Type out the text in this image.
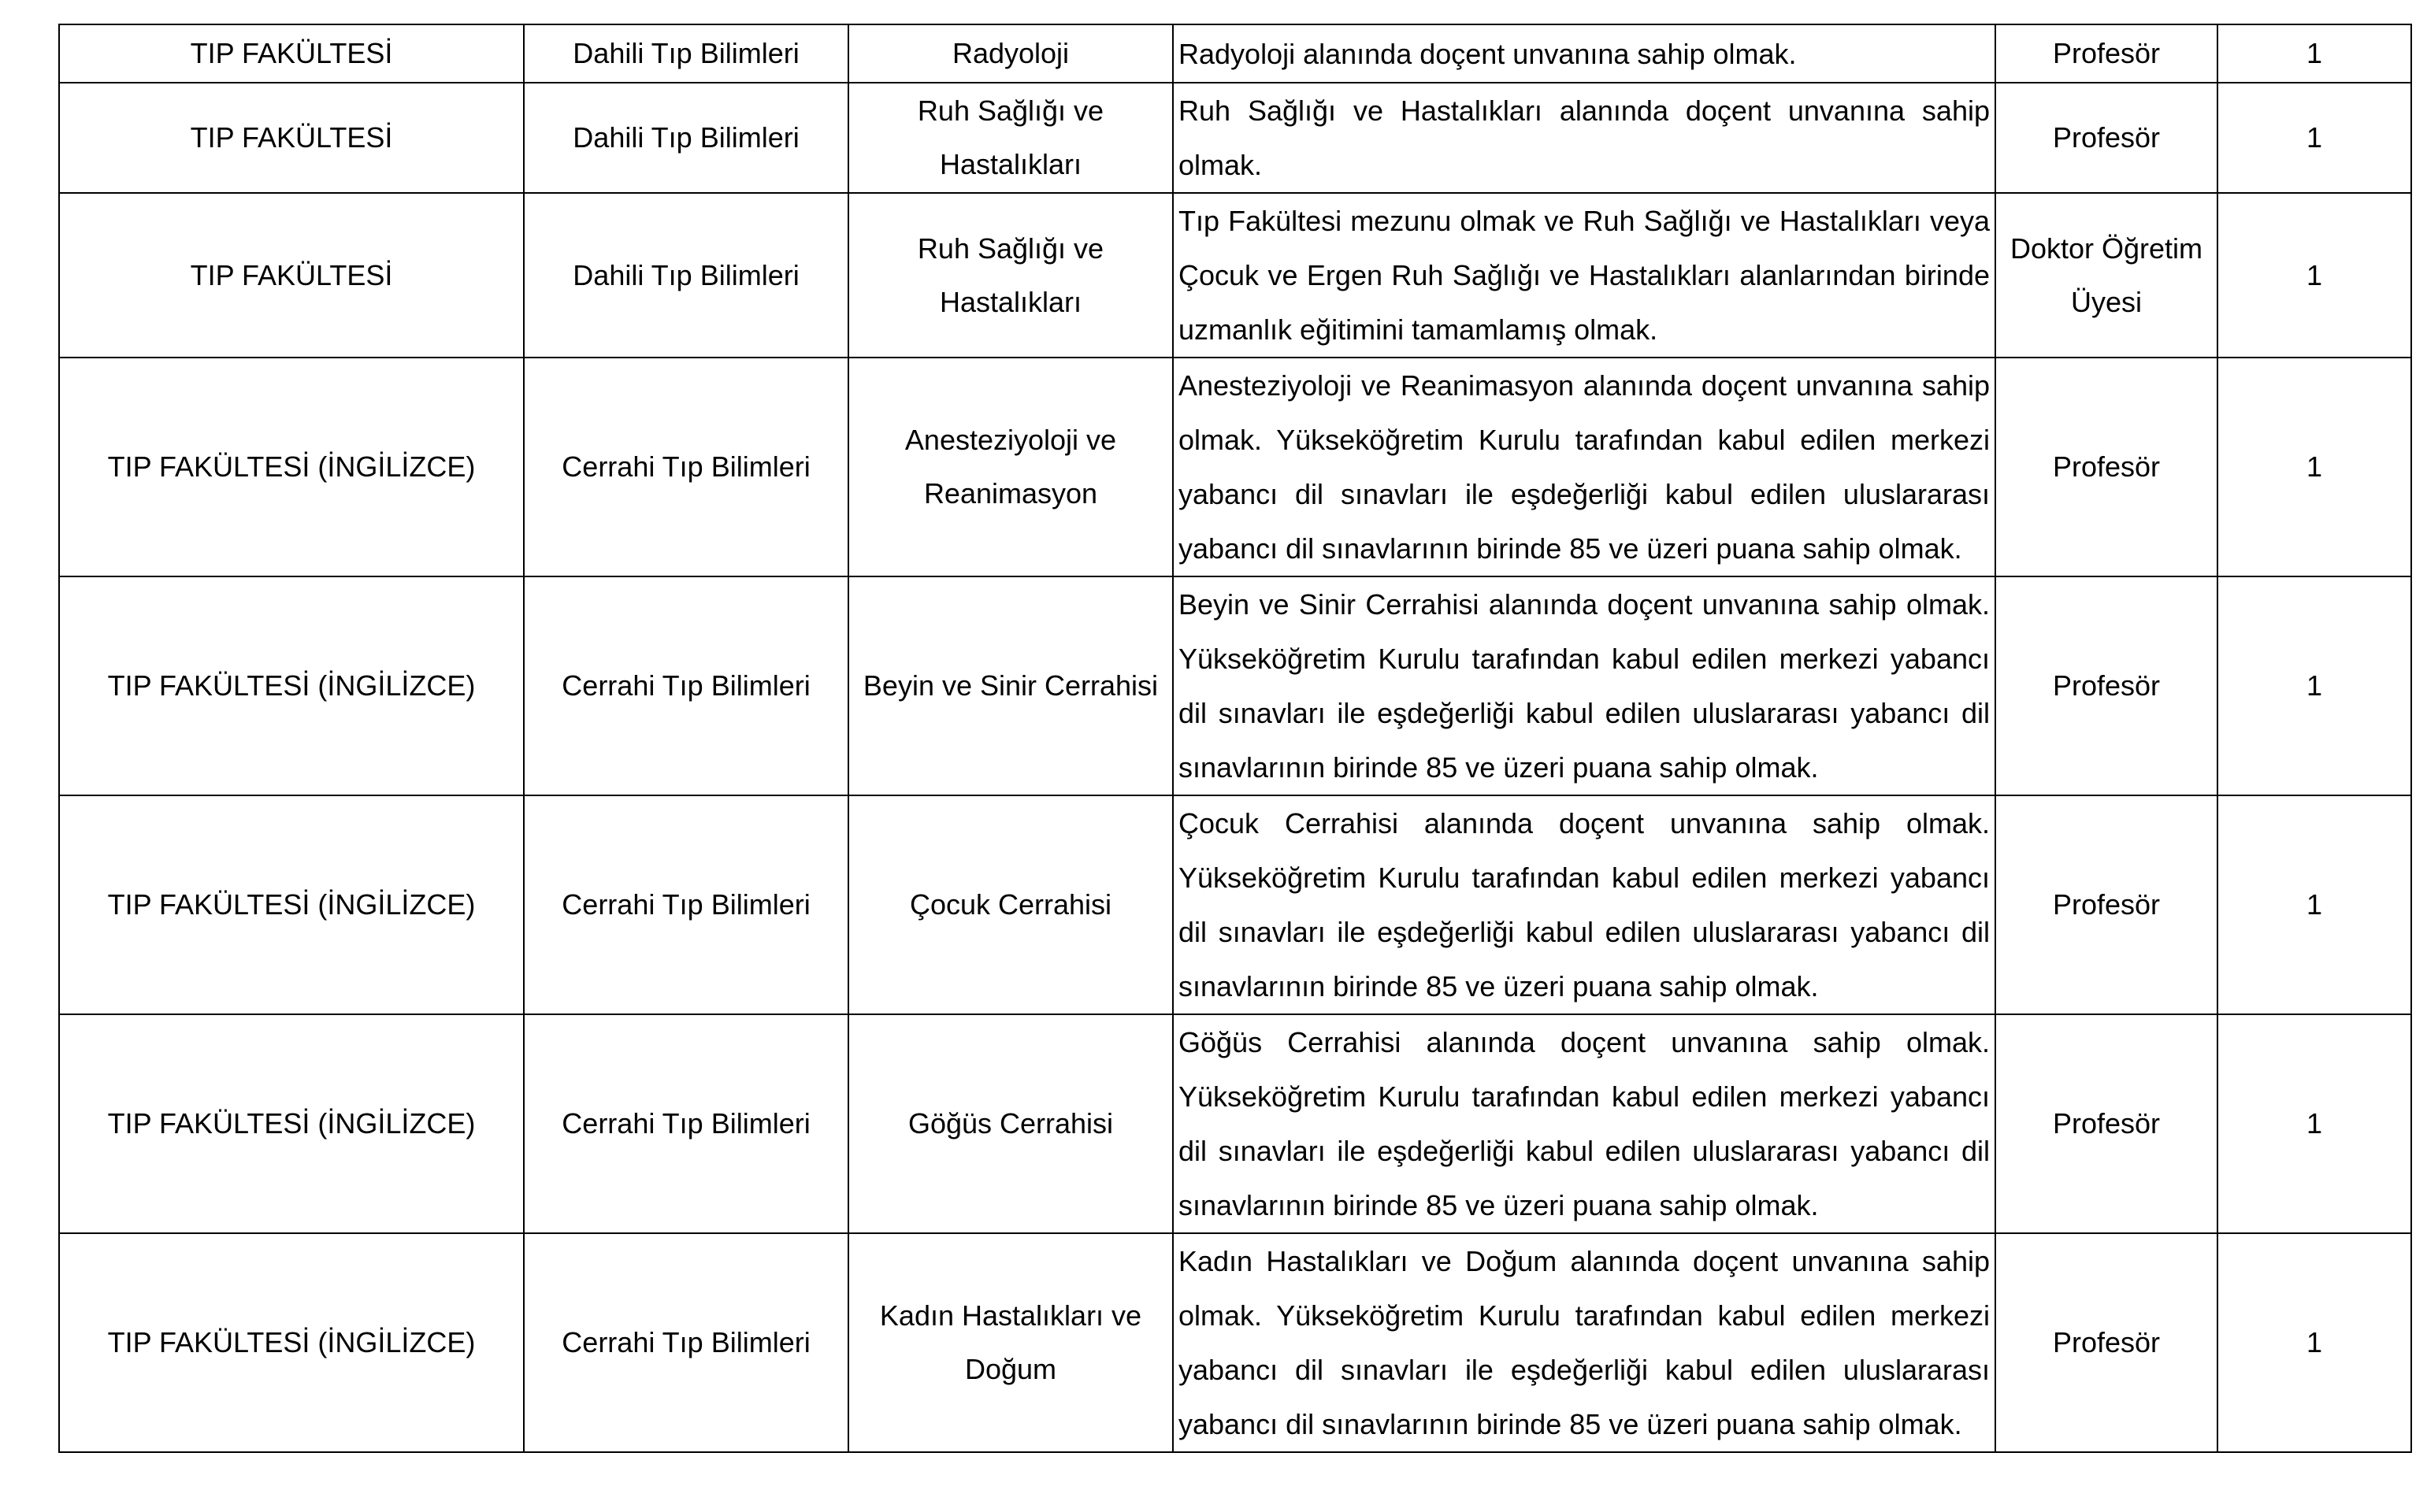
TIP FAKÜLTESİ	Dahili Tıp Bilimleri	Radyoloji	Radyoloji alanında doçent unvanına sahip olmak.	Profesör	1
TIP FAKÜLTESİ	Dahili Tıp Bilimleri	Ruh Sağlığı ve Hastalıkları	Ruh Sağlığı ve Hastalıkları alanında doçent unvanına sahip olmak.	Profesör	1
TIP FAKÜLTESİ	Dahili Tıp Bilimleri	Ruh Sağlığı ve Hastalıkları	Tıp Fakültesi mezunu olmak ve Ruh Sağlığı ve Hastalıkları veya Çocuk ve Ergen Ruh Sağlığı ve Hastalıkları alanlarından birinde uzmanlık eğitimini tamamlamış olmak.	Doktor Öğretim Üyesi	1
TIP FAKÜLTESİ (İNGİLİZCE)	Cerrahi Tıp Bilimleri	Anesteziyoloji ve Reanimasyon	Anesteziyoloji ve Reanimasyon alanında doçent unvanına sahip olmak. Yükseköğretim Kurulu tarafından kabul edilen merkezi yabancı dil sınavları ile eşdeğerliği kabul edilen uluslararası yabancı dil sınavlarının birinde 85 ve üzeri puana sahip olmak.	Profesör	1
TIP FAKÜLTESİ (İNGİLİZCE)	Cerrahi Tıp Bilimleri	Beyin ve Sinir Cerrahisi	Beyin ve Sinir Cerrahisi alanında doçent unvanına sahip olmak. Yükseköğretim Kurulu tarafından kabul edilen merkezi yabancı dil sınavları ile eşdeğerliği kabul edilen uluslararası yabancı dil sınavlarının birinde 85 ve üzeri puana sahip olmak.	Profesör	1
TIP FAKÜLTESİ (İNGİLİZCE)	Cerrahi Tıp Bilimleri	Çocuk Cerrahisi	Çocuk Cerrahisi alanında doçent unvanına sahip olmak. Yükseköğretim Kurulu tarafından kabul edilen merkezi yabancı dil sınavları ile eşdeğerliği kabul edilen uluslararası yabancı dil sınavlarının birinde 85 ve üzeri puana sahip olmak.	Profesör	1
TIP FAKÜLTESİ (İNGİLİZCE)	Cerrahi Tıp Bilimleri	Göğüs Cerrahisi	Göğüs Cerrahisi alanında doçent unvanına sahip olmak. Yükseköğretim Kurulu tarafından kabul edilen merkezi yabancı dil sınavları ile eşdeğerliği kabul edilen uluslararası yabancı dil sınavlarının birinde 85 ve üzeri puana sahip olmak.	Profesör	1
TIP FAKÜLTESİ (İNGİLİZCE)	Cerrahi Tıp Bilimleri	Kadın Hastalıkları ve Doğum	Kadın Hastalıkları ve Doğum alanında doçent unvanına sahip olmak. Yükseköğretim Kurulu tarafından kabul edilen merkezi yabancı dil sınavları ile eşdeğerliği kabul edilen uluslararası yabancı dil sınavlarının birinde 85 ve üzeri puana sahip olmak.	Profesör	1
